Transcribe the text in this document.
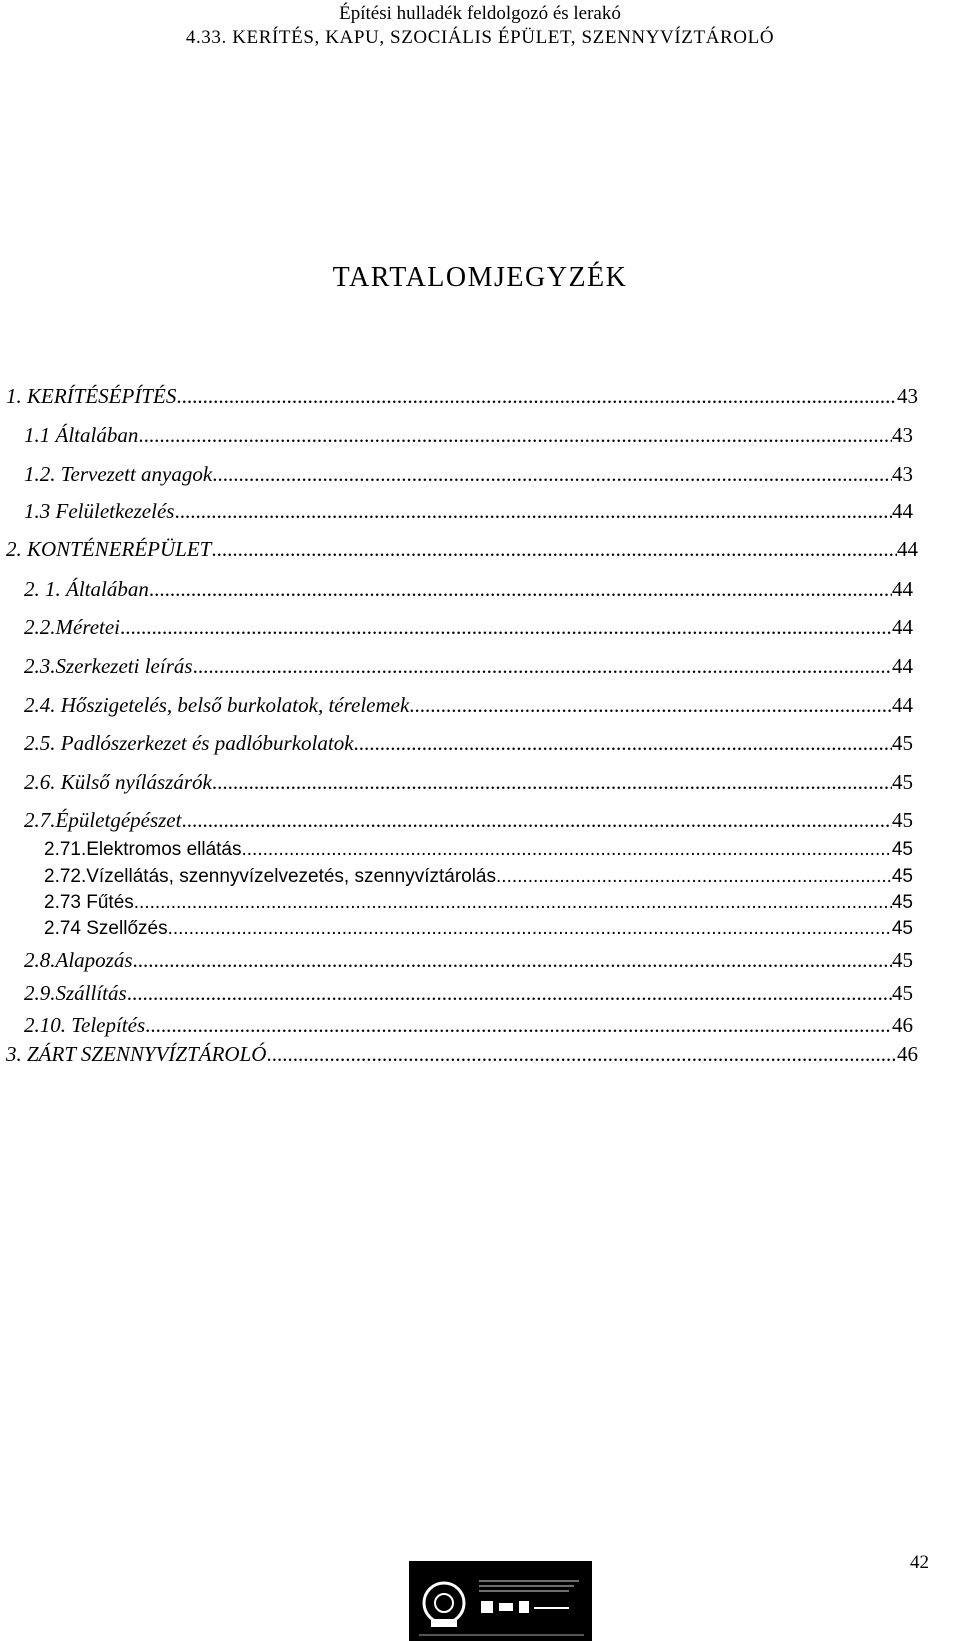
Építési hulladék feldolgozó és lerakó
4.33. KERÍTÉS, KAPU, SZOCIÁLIS ÉPÜLET, SZENNYVÍZTÁROLÓ
TARTALOMJEGYZÉK
1. KERÍTÉSÉPÍTÉS .....	43
1.1 Általában .....	43
1.2. Tervezett anyagok .....	43
1.3 Felületkezelés .....	44
2. KONTÉNERÉPÜLET .....	44
2. 1. Általában .....	44
2.2.Méretei .....	44
2.3.Szerkezeti leírás .....	44
2.4. Hőszigetelés, belső burkolatok, térelemek .....	44
2.5. Padlószerkezet és padlóburkolatok .....	45
2.6. Külső nyílászárók .....	45
2.7.Épületgépészet .....	45
2.71.Elektromos ellátás .....	45
2.72.Vízellátás, szennyvízelvezetés, szennyvíztárolás .....	45
2.73 Fűtés .....	45
2.74 Szellőzés .....	45
2.8.Alapozás .....	45
2.9.Szállítás .....	45
2.10. Telepítés .....	46
3. ZÁRT SZENNYVÍZTÁROLÓ .....	46
42
